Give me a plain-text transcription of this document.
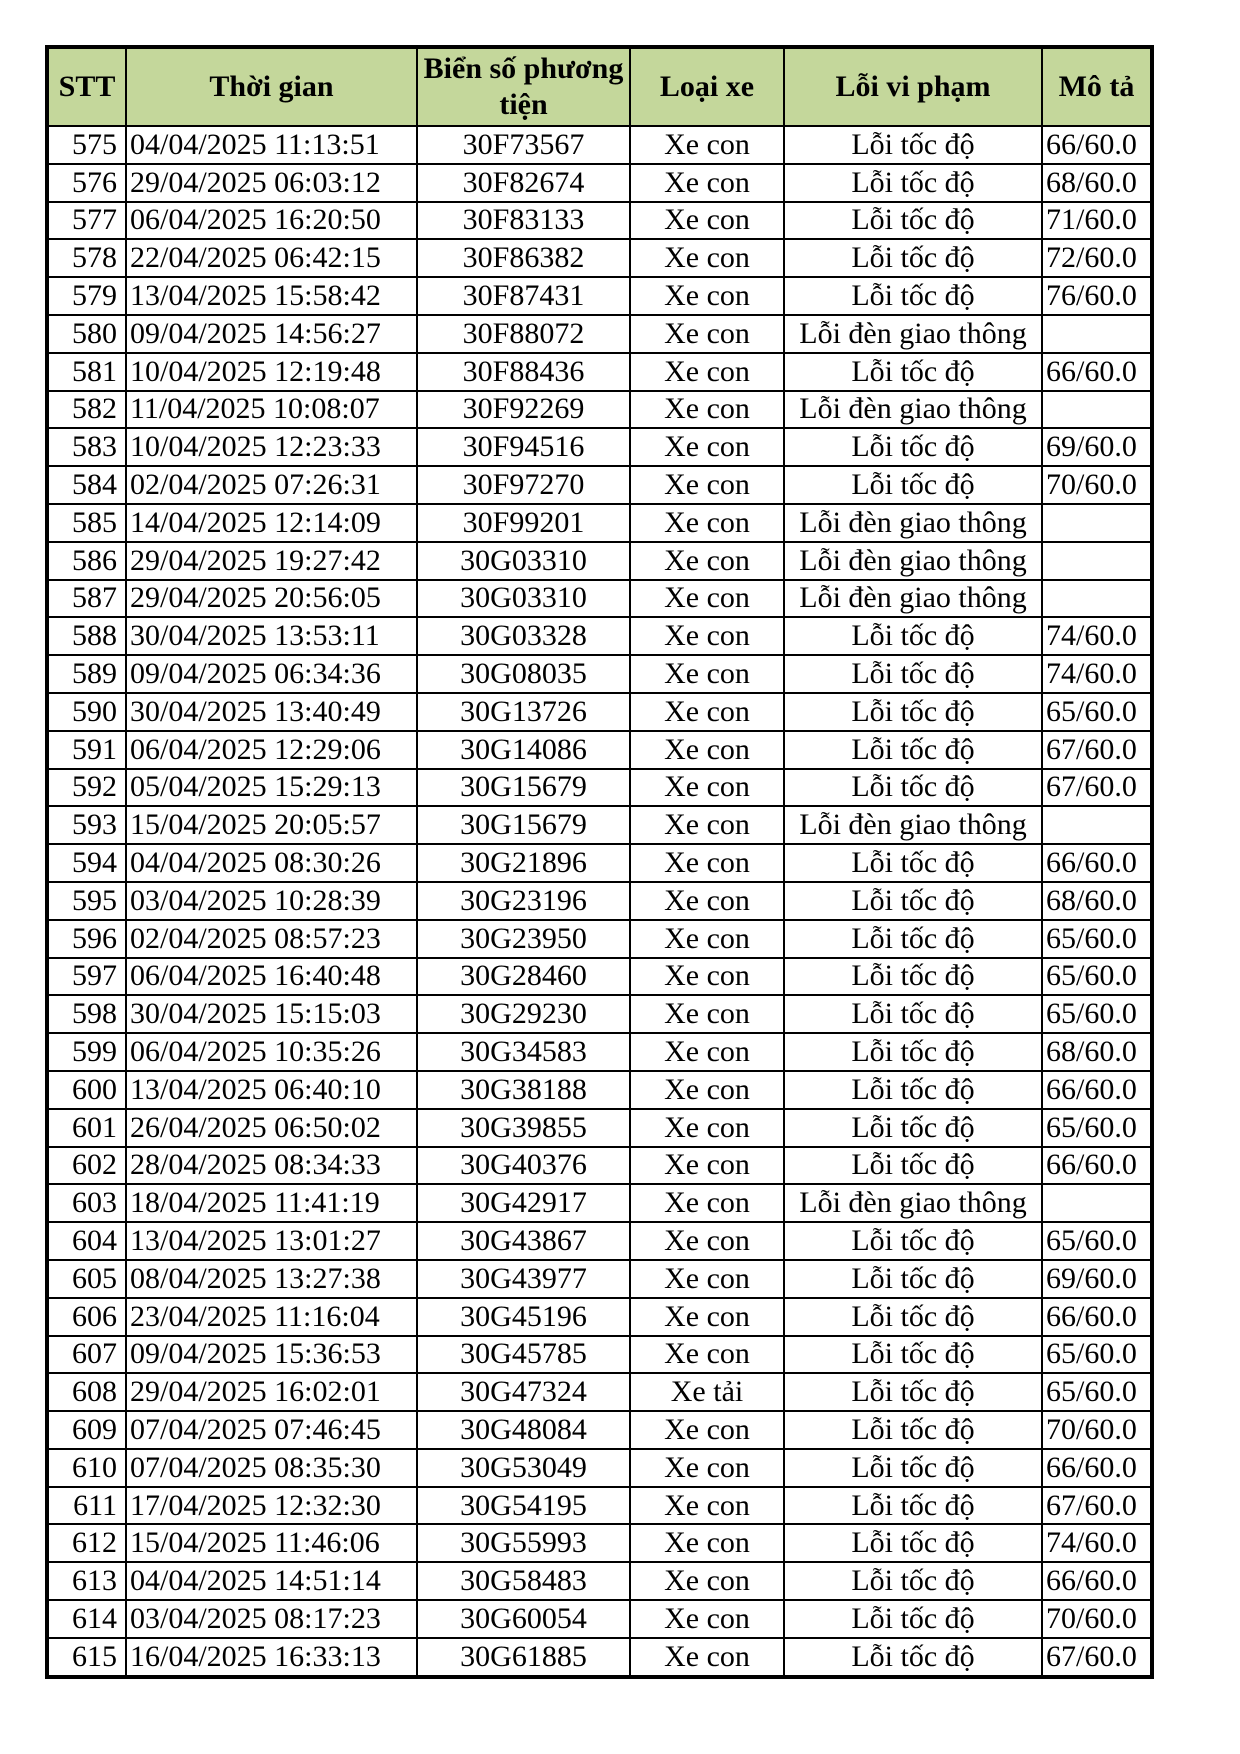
STT	Thời gian	Biển số phương tiện	Loại xe	Lỗi vi phạm	Mô tả
575	04/04/2025 11:13:51	30F73567	Xe con	Lỗi tốc độ	66/60.0
576	29/04/2025 06:03:12	30F82674	Xe con	Lỗi tốc độ	68/60.0
577	06/04/2025 16:20:50	30F83133	Xe con	Lỗi tốc độ	71/60.0
578	22/04/2025 06:42:15	30F86382	Xe con	Lỗi tốc độ	72/60.0
579	13/04/2025 15:58:42	30F87431	Xe con	Lỗi tốc độ	76/60.0
580	09/04/2025 14:56:27	30F88072	Xe con	Lỗi đèn giao thông	
581	10/04/2025 12:19:48	30F88436	Xe con	Lỗi tốc độ	66/60.0
582	11/04/2025 10:08:07	30F92269	Xe con	Lỗi đèn giao thông	
583	10/04/2025 12:23:33	30F94516	Xe con	Lỗi tốc độ	69/60.0
584	02/04/2025 07:26:31	30F97270	Xe con	Lỗi tốc độ	70/60.0
585	14/04/2025 12:14:09	30F99201	Xe con	Lỗi đèn giao thông	
586	29/04/2025 19:27:42	30G03310	Xe con	Lỗi đèn giao thông	
587	29/04/2025 20:56:05	30G03310	Xe con	Lỗi đèn giao thông	
588	30/04/2025 13:53:11	30G03328	Xe con	Lỗi tốc độ	74/60.0
589	09/04/2025 06:34:36	30G08035	Xe con	Lỗi tốc độ	74/60.0
590	30/04/2025 13:40:49	30G13726	Xe con	Lỗi tốc độ	65/60.0
591	06/04/2025 12:29:06	30G14086	Xe con	Lỗi tốc độ	67/60.0
592	05/04/2025 15:29:13	30G15679	Xe con	Lỗi tốc độ	67/60.0
593	15/04/2025 20:05:57	30G15679	Xe con	Lỗi đèn giao thông	
594	04/04/2025 08:30:26	30G21896	Xe con	Lỗi tốc độ	66/60.0
595	03/04/2025 10:28:39	30G23196	Xe con	Lỗi tốc độ	68/60.0
596	02/04/2025 08:57:23	30G23950	Xe con	Lỗi tốc độ	65/60.0
597	06/04/2025 16:40:48	30G28460	Xe con	Lỗi tốc độ	65/60.0
598	30/04/2025 15:15:03	30G29230	Xe con	Lỗi tốc độ	65/60.0
599	06/04/2025 10:35:26	30G34583	Xe con	Lỗi tốc độ	68/60.0
600	13/04/2025 06:40:10	30G38188	Xe con	Lỗi tốc độ	66/60.0
601	26/04/2025 06:50:02	30G39855	Xe con	Lỗi tốc độ	65/60.0
602	28/04/2025 08:34:33	30G40376	Xe con	Lỗi tốc độ	66/60.0
603	18/04/2025 11:41:19	30G42917	Xe con	Lỗi đèn giao thông	
604	13/04/2025 13:01:27	30G43867	Xe con	Lỗi tốc độ	65/60.0
605	08/04/2025 13:27:38	30G43977	Xe con	Lỗi tốc độ	69/60.0
606	23/04/2025 11:16:04	30G45196	Xe con	Lỗi tốc độ	66/60.0
607	09/04/2025 15:36:53	30G45785	Xe con	Lỗi tốc độ	65/60.0
608	29/04/2025 16:02:01	30G47324	Xe tải	Lỗi tốc độ	65/60.0
609	07/04/2025 07:46:45	30G48084	Xe con	Lỗi tốc độ	70/60.0
610	07/04/2025 08:35:30	30G53049	Xe con	Lỗi tốc độ	66/60.0
611	17/04/2025 12:32:30	30G54195	Xe con	Lỗi tốc độ	67/60.0
612	15/04/2025 11:46:06	30G55993	Xe con	Lỗi tốc độ	74/60.0
613	04/04/2025 14:51:14	30G58483	Xe con	Lỗi tốc độ	66/60.0
614	03/04/2025 08:17:23	30G60054	Xe con	Lỗi tốc độ	70/60.0
615	16/04/2025 16:33:13	30G61885	Xe con	Lỗi tốc độ	67/60.0
